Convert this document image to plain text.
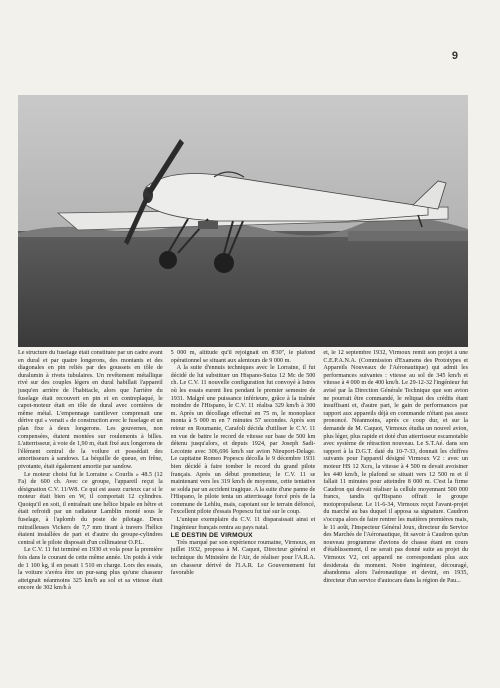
9

Le structure du fuselage était constituée par un cadre avant en dural et par quatre longerons, des montants et des diagonales en pin reliés par des goussets en tôle de duralumin à rivets tubulaires. Un revêtement métallique rivé sur des couples légers en dural habillait l'appareil jusqu'en arrière de l'habitacle, alors que l'arrière du fuselage était recouvert en pin et en contreplaqué, le capot-moteur était en tôle de dural avec cornières de même métal. L'empennage cantilever comprenait une dérive qui « venait » de construction avec le fuselage et un plan fixe à deux longerons. Les gouvernes, non compensées, étaient montées sur roulements à billes. L'atterrisseur, à voie de 1,90 m, était fixé aux longerons de l'élément central de la voilure et possédait des amortisseurs à sandows. La béquille de queue, en frêne, pivotante, était également amortie par sandow.

Le moteur choisi fut le Lorraine « Courlis » 48.5 (12 Fa) de 600 ch. Avec ce groupe, l'appareil reçut la désignation C.V. 11/W8. Ce qui est assez curieux car si le moteur était bien en W, il comportait 12 cylindres. Quoiqu'il en soit, il entraînait une hélice bipale en hêtre et était refroidi par un radiateur Lamblin monté sous le fuselage, à l'aplomb du poste de pilotage. Deux mitrailleuses Vickers de 7,7 mm tirant à travers l'hélice étaient installées de part et d'autre du groupe-cylindres central et le pilote disposait d'un collimateur O.P.L.

Le C.V. 11 fut terminé en 1930 et vola pour la première fois dans le courant de cette même année. Un poids à vide de 1 100 kg, il en pesait 1 510 en charge. Lors des essais, la voiture s'avéra être un pur-sang plus qu'une chasseur atteignait néanmoins 325 km/h au sol et sa vitesse était encore de 302 km/h à

5 000 m, altitude qu'il rejoignait en 8'30'', le plafond opérationnel se situant aux alentours de 9 000 m.

A la suite d'ennuis techniques avec le Lorraine, il fut décidé de lui substituer un Hispano-Suiza 12 Mc de 500 ch. Le C.V. 11 nouvelle configuration fut convoyé à Istres où les essais eurent lieu pendant le premier semestre de 1931. Malgré une puissance inférieure, grâce à la traînée moindre de l'Hispano, le C.V. 11 réalisa 329 km/h à 300 m. Après un décollage effectué en 75 m, le monoplace monta à 5 000 m en 7 minutes 57 secondes. Après son retour en Roumanie, Carafoli décida d'utiliser le C.V. 11 en vue de battre le record de vitesse sur base de 500 km détenu jusqu'alors, et depuis 1924, par Joseph Sadi-Lecointe avec 306,696 km/h sur avion Nieuport-Delage. Le capitaine Romeo Popescu décolla le 9 décembre 1931 bien décidé à faire tomber le record du grand pilote français. Après un début prometteur, le C.V. 11 se maintenant vers les 319 km/h de moyenne, cette tentative se solda par un accident tragique. A la suite d'une panne de l'Hispano, le pilote tenta un atterrissage forcé près de la commune de Lehliu, mais, capotant sur le terrain défoncé, l'excellent pilote d'essais Popescu fut tué sur le coup.

L'unique exemplaire du C.V. 11 disparaissait ainsi et l'ingénieur français rentra au pays natal.

LE DESTIN DE VIRMOUX

Très marqué par son expérience roumaine, Virmoux, en juillet 1932, proposa à M. Caquot, Directeur général et technique du Ministère de l'Air, de réaliser pour l'A.R.A. un chasseur dérivé de l'I.A.R. Le Gouvernement fut favorable

et, le 12 septembre 1932, Virmoux remit son projet à une C.E.P.A.N.A. (Commission d'Examens des Prototypes et Appareils Nouveaux de l'Aéronautique) qui admit les performances suivantes : vitesse au sol de 345 km/h et vitesse à 4 000 m de 400 km/h. Le 29-12-32 l'ingénieur fut avisé par la Direction Générale Technique que son avion ne pourrait être commandé, le reliquat des crédits étant insuffisant et, d'autre part, le gain de performances par rapport aux appareils déjà en commande n'étant pas assez prononcé. Néanmoins, après ce coup dur, et sur la demande de M. Caquot, Virmoux étudia un nouvel avion, plus léger, plus rapide et doté d'un atterrisseur escamotable avec système de rétraction nouveau. Le S.T.Aé. dans son rapport à la D.G.T. daté du 10-7-33, donnait les chiffres suivants pour l'appareil désigné Virmoux V2 : avec un moteur HS 12 Xcrs, la vitesse à 4 500 m devait avoisiner les 440 km/h, le plafond se situait vers 12 500 m et il fallait 11 minutes pour atteindre 8 000 m. C'est la firme Caudron qui devait réaliser la cellule moyennant 500 000 francs, tandis qu'Hispano offrait le groupe motopropulseur. Le 11-6-34, Virmoux reçut l'avant-projet du marché au bas duquel il apposa sa signature. Caudron s'occupa alors de faire rentrer les matières premières mais, le 11 août, l'Inspecteur Général Joux, directeur du Service des Marchés de l'Aéronautique, fit savoir à Caudron qu'un nouveau programme d'avions de chasse étant en cours d'établissement, il ne serait pas donné suite au projet du Virmoux V2, cet appareil ne correspondant plus aux desiderata du moment. Notre ingénieur, découragé, abandonna alors l'aéronautique et devint, en 1935, directeur d'un service d'autocars dans la région de Pau...
